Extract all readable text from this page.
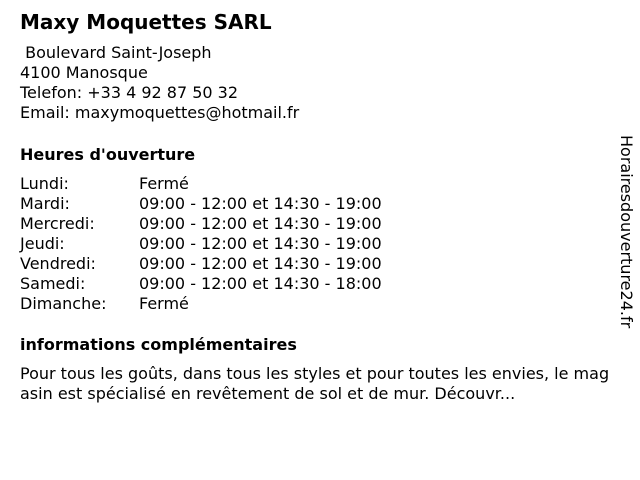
Maxy Moquettes SARL
Boulevard Saint-Joseph
4100 Manosque
Telefon: +33 4 92 87 50 32
Email: maxymoquettes@hotmail.fr
Heures d'ouverture
Lundi:	Fermé
Mardi:	09:00 - 12:00 et 14:30 - 19:00
Mercredi:	09:00 - 12:00 et 14:30 - 19:00
Jeudi:	09:00 - 12:00 et 14:30 - 19:00
Vendredi:	09:00 - 12:00 et 14:30 - 19:00
Samedi:	09:00 - 12:00 et 14:30 - 18:00
Dimanche: Fermé
informations complémentaires
Pour tous les goûts, dans tous les styles et pour toutes les envies, le magasin est spécialisé en revêtement de sol et de mur. Découvr...
Horairesdouverture24.fr
